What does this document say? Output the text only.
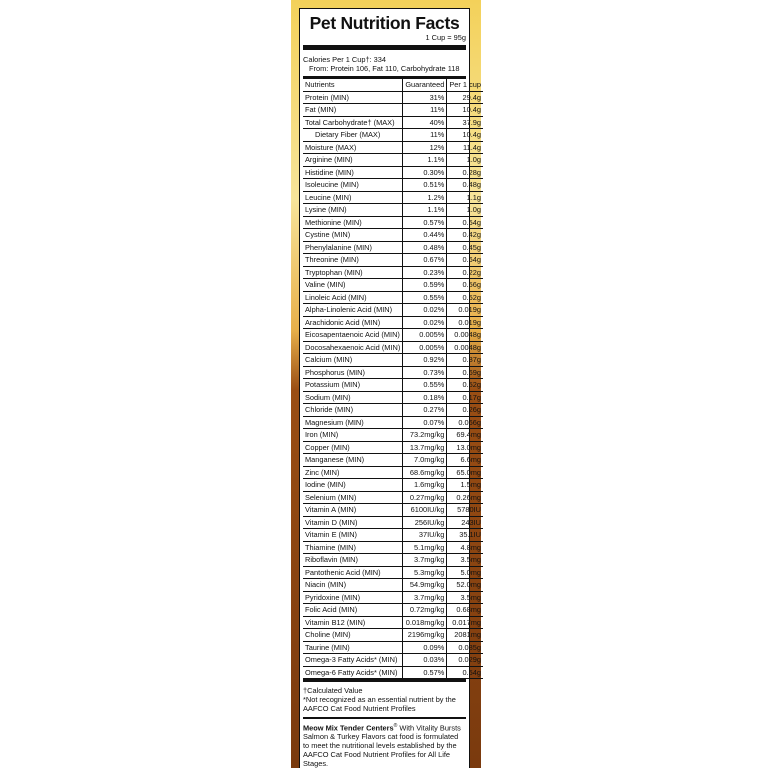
Pet Nutrition Facts
1 Cup = 95g
Calories Per 1 Cup†: 334
From: Protein 106, Fat 110, Carbohydrate 118
Nutrients	Guaranteed	Per 1 cup
Protein (MIN)	31%	29.4g
Fat (MIN)	11%	10.4g
Total Carbohydrate† (MAX)	40%	37.9g
Dietary Fiber (MAX)	11%	10.4g
Moisture (MAX)	12%	11.4g
Arginine (MIN)	1.1%	1.0g
Histidine (MIN)	0.30%	0.28g
Isoleucine (MIN)	0.51%	0.48g
Leucine (MIN)	1.2%	1.1g
Lysine (MIN)	1.1%	1.0g
Methionine (MIN)	0.57%	0.54g
Cystine (MIN)	0.44%	0.42g
Phenylalanine (MIN)	0.48%	0.45g
Threonine (MIN)	0.67%	0.64g
Tryptophan (MIN)	0.23%	0.22g
Valine (MIN)	0.59%	0.56g
Linoleic Acid (MIN)	0.55%	0.52g
Alpha-Linolenic Acid (MIN)	0.02%	0.019g
Arachidonic Acid (MIN)	0.02%	0.019g
Eicosapentaenoic Acid (MIN)	0.005%	0.0048g
Docosahexaenoic Acid (MIN)	0.005%	0.0048g
Calcium (MIN)	0.92%	0.87g
Phosphorus (MIN)	0.73%	0.69g
Potassium (MIN)	0.55%	0.52g
Sodium (MIN)	0.18%	0.17g
Chloride (MIN)	0.27%	0.26g
Magnesium (MIN)	0.07%	0.066g
Iron (MIN)	73.2mg/kg	69.4mg
Copper (MIN)	13.7mg/kg	13.0mg
Manganese (MIN)	7.0mg/kg	6.6mg
Zinc (MIN)	68.6mg/kg	65.0mg
Iodine (MIN)	1.6mg/kg	1.5mg
Selenium (MIN)	0.27mg/kg	0.26mg
Vitamin A (MIN)	6100IU/kg	5780IU
Vitamin D (MIN)	256IU/kg	243IU
Vitamin E (MIN)	37IU/kg	35.1IU
Thiamine (MIN)	5.1mg/kg	4.8mg
Riboflavin (MIN)	3.7mg/kg	3.5mg
Pantothenic Acid (MIN)	5.3mg/kg	5.0mg
Niacin (MIN)	54.9mg/kg	52.0mg
Pyridoxine (MIN)	3.7mg/kg	3.5mg
Folic Acid (MIN)	0.72mg/kg	0.68mg
Vitamin B12 (MIN)	0.018mg/kg	0.017mg
Choline (MIN)	2196mg/kg	2081mg
Taurine (MIN)	0.09%	0.085g
Omega-3 Fatty Acids* (MIN)	0.03%	0.029g
Omega-6 Fatty Acids* (MIN)	0.57%	0.54g
†Calculated Value
*Not recognized as an essential nutrient by the AAFCO Cat Food Nutrient Profiles
Meow Mix Tender Centers® With Vitality Bursts Salmon & Turkey Flavors cat food is formulated to meet the nutritional levels established by the AAFCO Cat Food Nutrient Profiles for All Life Stages.
